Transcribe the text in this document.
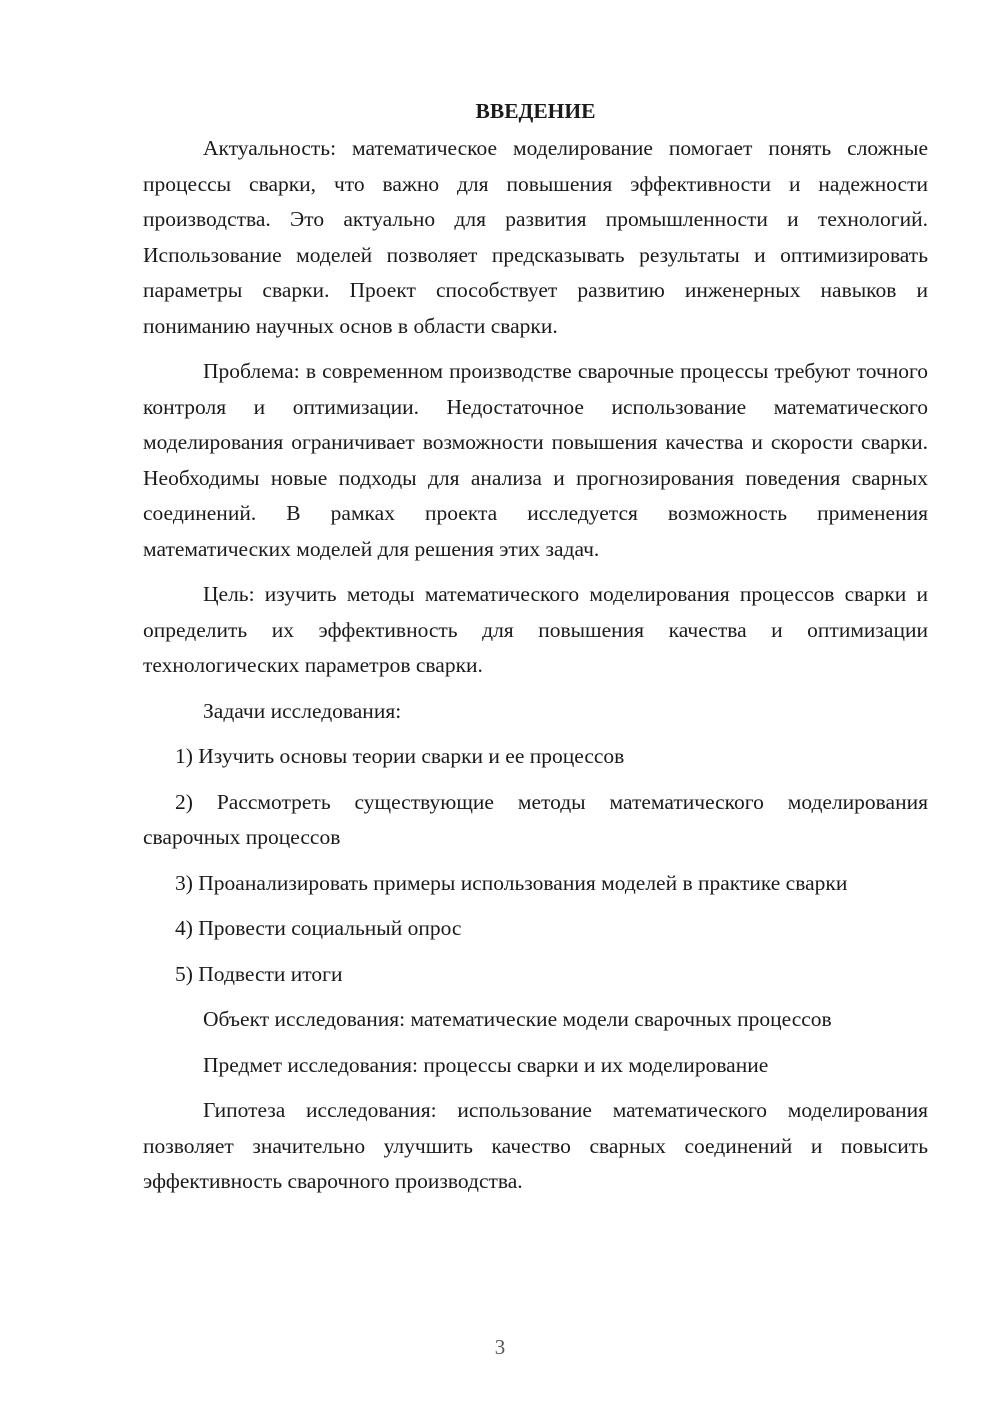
ВВЕДЕНИЕ

Актуальность: математическое моделирование помогает понять сложные процессы сварки, что важно для повышения эффективности и надежности производства. Это актуально для развития промышленности и технологий. Использование моделей позволяет предсказывать результаты и оптимизировать параметры сварки. Проект способствует развитию инженерных навыков и пониманию научных основ в области сварки.

Проблема: в современном производстве сварочные процессы требуют точного контроля и оптимизации. Недостаточное использование математического моделирования ограничивает возможности повышения качества и скорости сварки. Необходимы новые подходы для анализа и прогнозирования поведения сварных соединений. В рамках проекта исследуется возможность применения математических моделей для решения этих задач.

Цель: изучить методы математического моделирования процессов сварки и определить их эффективность для повышения качества и оптимизации технологических параметров сварки.

Задачи исследования:

1) Изучить основы теории сварки и ее процессов

2) Рассмотреть существующие методы математического моделирования сварочных процессов

3) Проанализировать примеры использования моделей в практике сварки

4) Провести социальный опрос

5) Подвести итоги

Объект исследования: математические модели сварочных процессов

Предмет исследования: процессы сварки и их моделирование

Гипотеза исследования: использование математического моделирования позволяет значительно улучшить качество сварных соединений и повысить эффективность сварочного производства.

3
